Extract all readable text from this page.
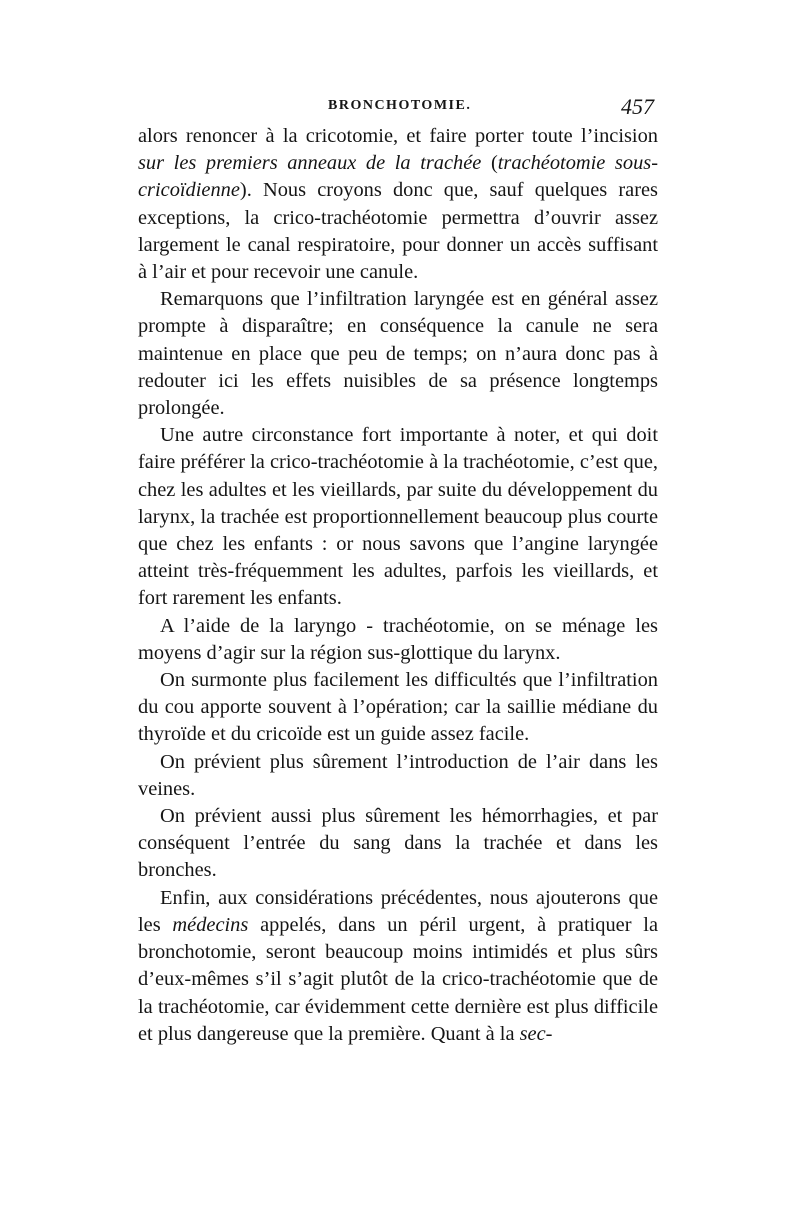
BRONCHOTOMIE.	457

alors renoncer à la cricotomie, et faire porter toute l’incision sur les premiers anneaux de la trachée (trachéotomie sous-cricoïdienne). Nous croyons donc que, sauf quelques rares exceptions, la crico-trachéotomie permettra d’ouvrir assez largement le canal respiratoire, pour donner un accès suffisant à l’air et pour recevoir une canule.

Remarquons que l’infiltration laryngée est en général assez prompte à disparaître; en conséquence la canule ne sera maintenue en place que peu de temps; on n’aura donc pas à redouter ici les effets nuisibles de sa présence longtemps prolongée.

Une autre circonstance fort importante à noter, et qui doit faire préférer la crico-trachéotomie à la trachéotomie, c’est que, chez les adultes et les vieillards, par suite du développement du larynx, la trachée est proportionnellement beaucoup plus courte que chez les enfants : or nous savons que l’angine laryngée atteint très-fréquemment les adultes, parfois les vieillards, et fort rarement les enfants.

A l’aide de la laryngo - trachéotomie, on se ménage les moyens d’agir sur la région sus-glottique du larynx.

On surmonte plus facilement les difficultés que l’infiltration du cou apporte souvent à l’opération; car la saillie médiane du thyroïde et du cricoïde est un guide assez facile.

On prévient plus sûrement l’introduction de l’air dans les veines.

On prévient aussi plus sûrement les hémorrhagies, et par conséquent l’entrée du sang dans la trachée et dans les bronches.

Enfin, aux considérations précédentes, nous ajouterons que les médecins appelés, dans un péril urgent, à pratiquer la bronchotomie, seront beaucoup moins intimidés et plus sûrs d’eux-mêmes s’il s’agit plutôt de la crico-trachéotomie que de la trachéotomie, car évidemment cette dernière est plus difficile et plus dangereuse que la première. Quant à la sec-
